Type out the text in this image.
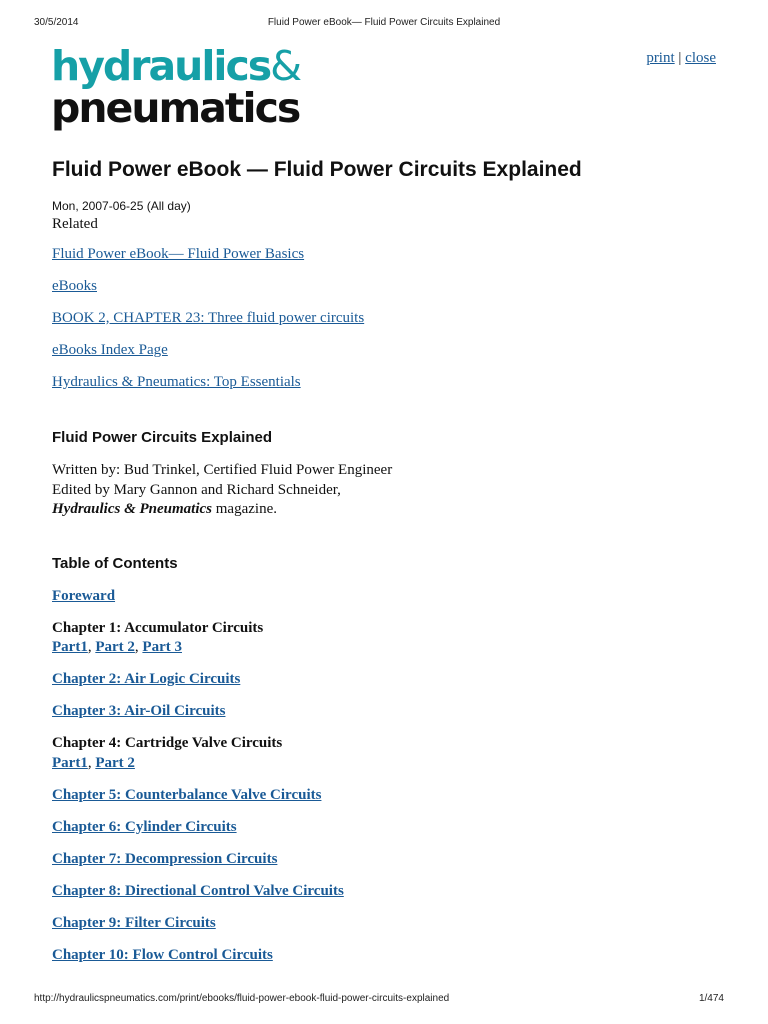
30/5/2014	Fluid Power eBook— Fluid Power Circuits Explained
hydraulics&
pneumatics
print | close
Fluid Power eBook — Fluid Power Circuits Explained
Mon, 2007-06-25 (All day)
Related
Fluid Power eBook— Fluid Power Basics
eBooks
BOOK 2, CHAPTER 23: Three fluid power circuits
eBooks Index Page
Hydraulics & Pneumatics: Top Essentials
Fluid Power Circuits Explained
Written by: Bud Trinkel, Certified Fluid Power Engineer
Edited by Mary Gannon and Richard Schneider,
Hydraulics & Pneumatics magazine.
Table of Contents
Foreward
Chapter 1: Accumulator Circuits
Part1, Part 2, Part 3
Chapter 2: Air Logic Circuits
Chapter 3: Air-Oil Circuits
Chapter 4: Cartridge Valve Circuits
Part1, Part 2
Chapter 5: Counterbalance Valve Circuits
Chapter 6: Cylinder Circuits
Chapter 7: Decompression Circuits
Chapter 8: Directional Control Valve Circuits
Chapter 9: Filter Circuits
Chapter 10: Flow Control Circuits
http://hydraulicspneumatics.com/print/ebooks/fluid-power-ebook-fluid-power-circuits-explained	1/474
